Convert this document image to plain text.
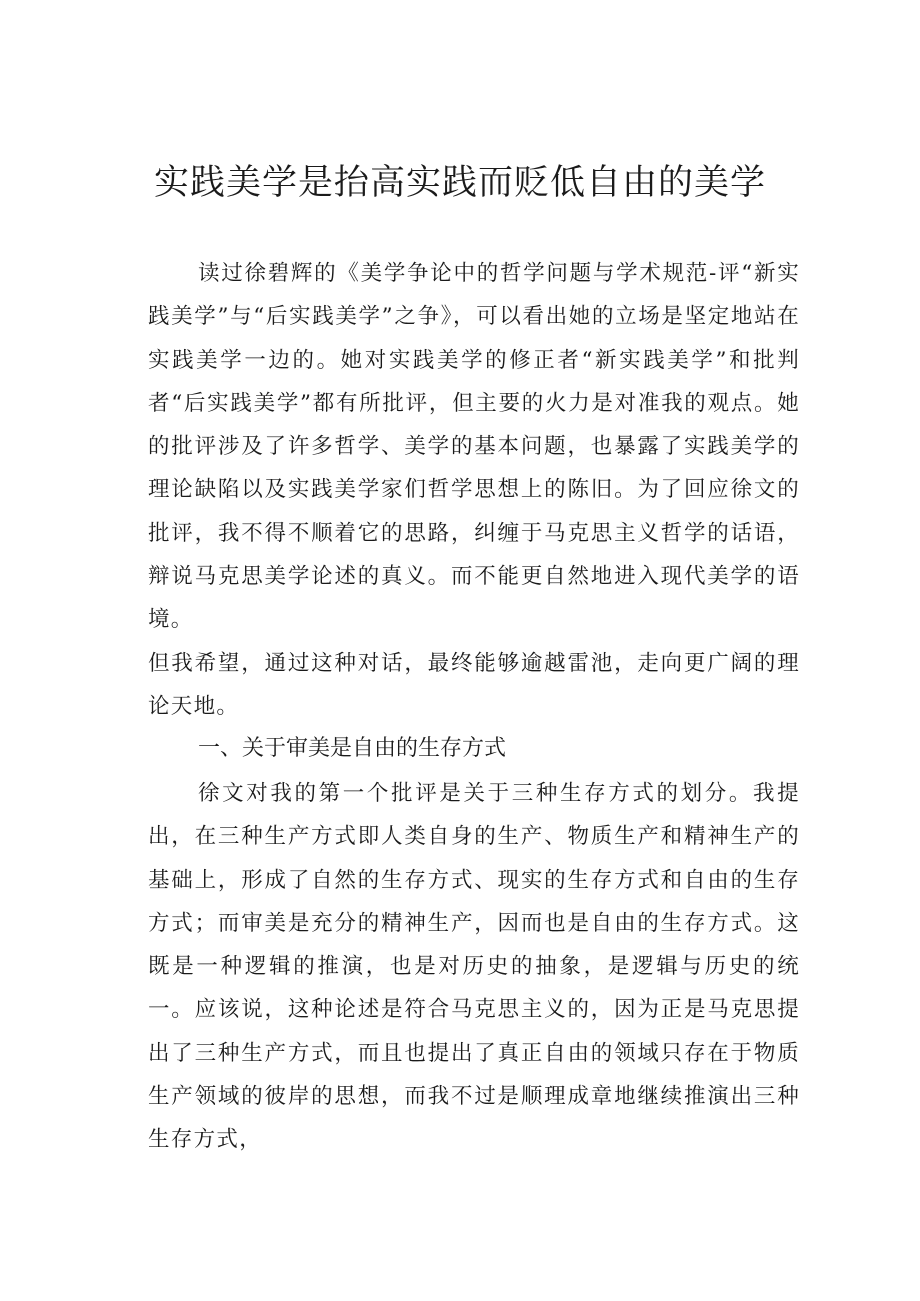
实践美学是抬高实践而贬低自由的美学

读过徐碧辉的《美学争论中的哲学问题与学术规范-评“新实践美学”与“后实践美学”之争》，可以看出她的立场是坚定地站在实践美学一边的。她对实践美学的修正者“新实践美学”和批判者“后实践美学”都有所批评，但主要的火力是对准我的观点。她的批评涉及了许多哲学、美学的基本问题，也暴露了实践美学的理论缺陷以及实践美学家们哲学思想上的陈旧。为了回应徐文的批评，我不得不顺着它的思路，纠缠于马克思主义哲学的话语，辩说马克思美学论述的真义。而不能更自然地进入现代美学的语境。

但我希望，通过这种对话，最终能够逾越雷池，走向更广阔的理论天地。

一、关于审美是自由的生存方式

徐文对我的第一个批评是关于三种生存方式的划分。我提出，在三种生产方式即人类自身的生产、物质生产和精神生产的基础上，形成了自然的生存方式、现实的生存方式和自由的生存方式；而审美是充分的精神生产，因而也是自由的生存方式。这既是一种逻辑的推演，也是对历史的抽象，是逻辑与历史的统一。应该说，这种论述是符合马克思主义的，因为正是马克思提出了三种生产方式，而且也提出了真正自由的领域只存在于物质生产领域的彼岸的思想，而我不过是顺理成章地继续推演出三种生存方式，
